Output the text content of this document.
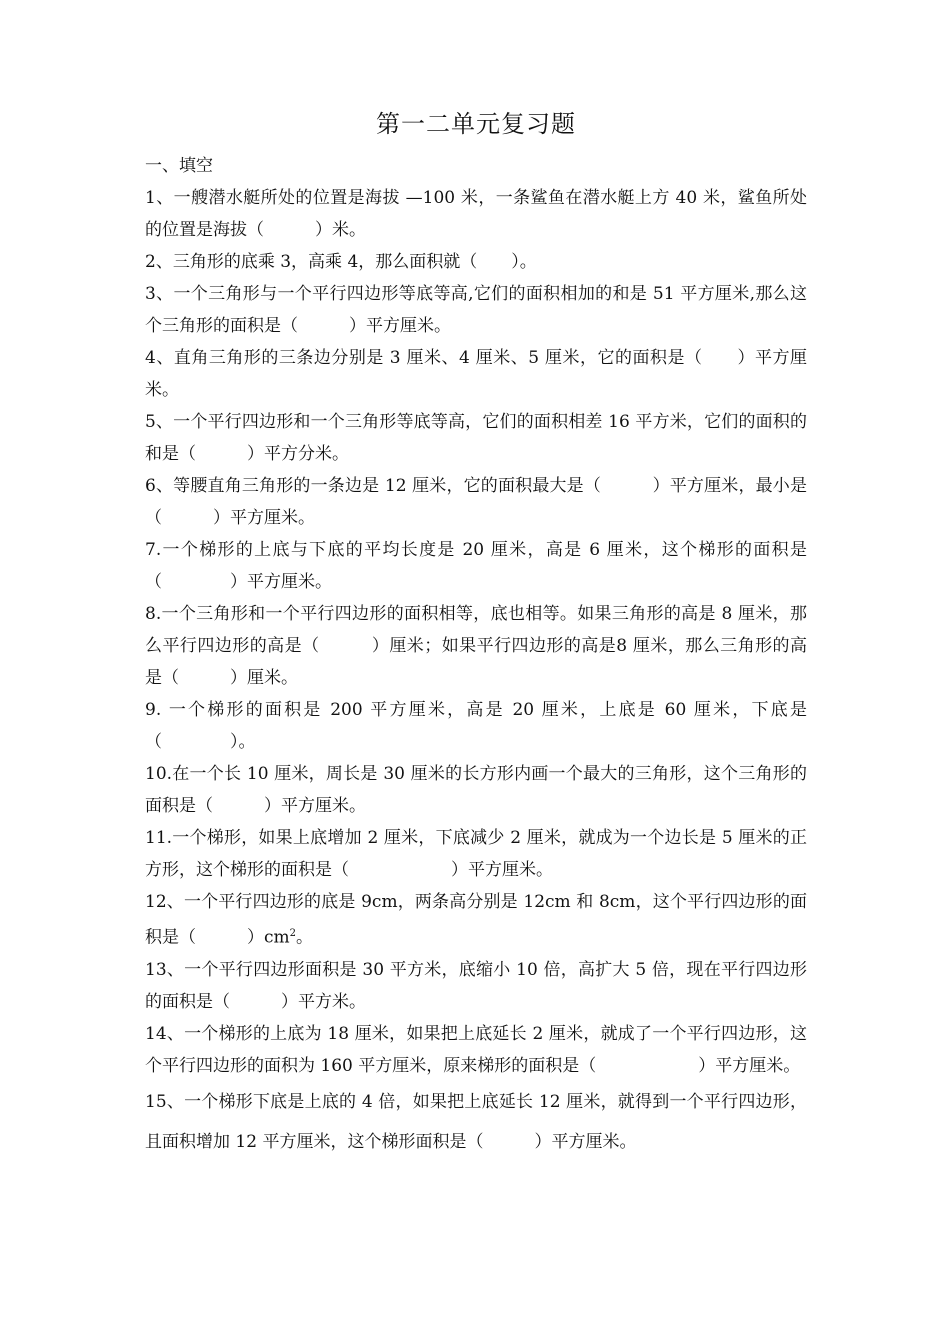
第一二单元复习题

一、填空

1、一艘潜水艇所处的位置是海拔 —100 米，一条鲨鱼在潜水艇上方 40 米，鲨鱼所处的位置是海拔（　　　）米。

2、三角形的底乘 3，高乘 4，那么面积就（　　）。

3、一个三角形与一个平行四边形等底等高,它们的面积相加的和是 51 平方厘米,那么这个三角形的面积是（　　　）平方厘米。

4、直角三角形的三条边分别是 3 厘米、4 厘米、5 厘米，它的面积是（　　）平方厘米。

5、一个平行四边形和一个三角形等底等高，它们的面积相差 16 平方米，它们的面积的和是（　　　）平方分米。

6、等腰直角三角形的一条边是 12 厘米，它的面积最大是（　　　）平方厘米，最小是（　　　）平方厘米。

7.一个梯形的上底与下底的平均长度是 20 厘米，高是 6 厘米，这个梯形的面积是（　　　　）平方厘米。

8.一个三角形和一个平行四边形的面积相等，底也相等。如果三角形的高是 8 厘米，那么平行四边形的高是（　　　）厘米；如果平行四边形的高是8 厘米，那么三角形的高是（　　　）厘米。

9. 一个梯形的面积是 200 平方厘米，高是 20 厘米，上底是 60 厘米，下底是（　　　　）。

10.在一个长 10 厘米，周长是 30 厘米的长方形内画一个最大的三角形，这个三角形的面积是（　　　）平方厘米。

11.一个梯形，如果上底增加 2 厘米，下底减少 2 厘米，就成为一个边长是 5 厘米的正方形，这个梯形的面积是（　　　　　　）平方厘米。

12、一个平行四边形的底是 9cm，两条高分别是 12cm 和 8cm，这个平行四边形的面积是（　　　）$cm^2$。

13、一个平行四边形面积是 30 平方米，底缩小 10 倍，高扩大 5 倍，现在平行四边形的面积是（　　　）平方米。

14、一个梯形的上底为 18 厘米，如果把上底延长 2 厘米，就成了一个平行四边形，这个平行四边形的面积为 160 平方厘米，原来梯形的面积是（　　　　　　）平方厘米。

15、一个梯形下底是上底的 4 倍，如果把上底延长 12 厘米，就得到一个平行四边形，且面积增加 12 平方厘米，这个梯形面积是（　　　）平方厘米。
